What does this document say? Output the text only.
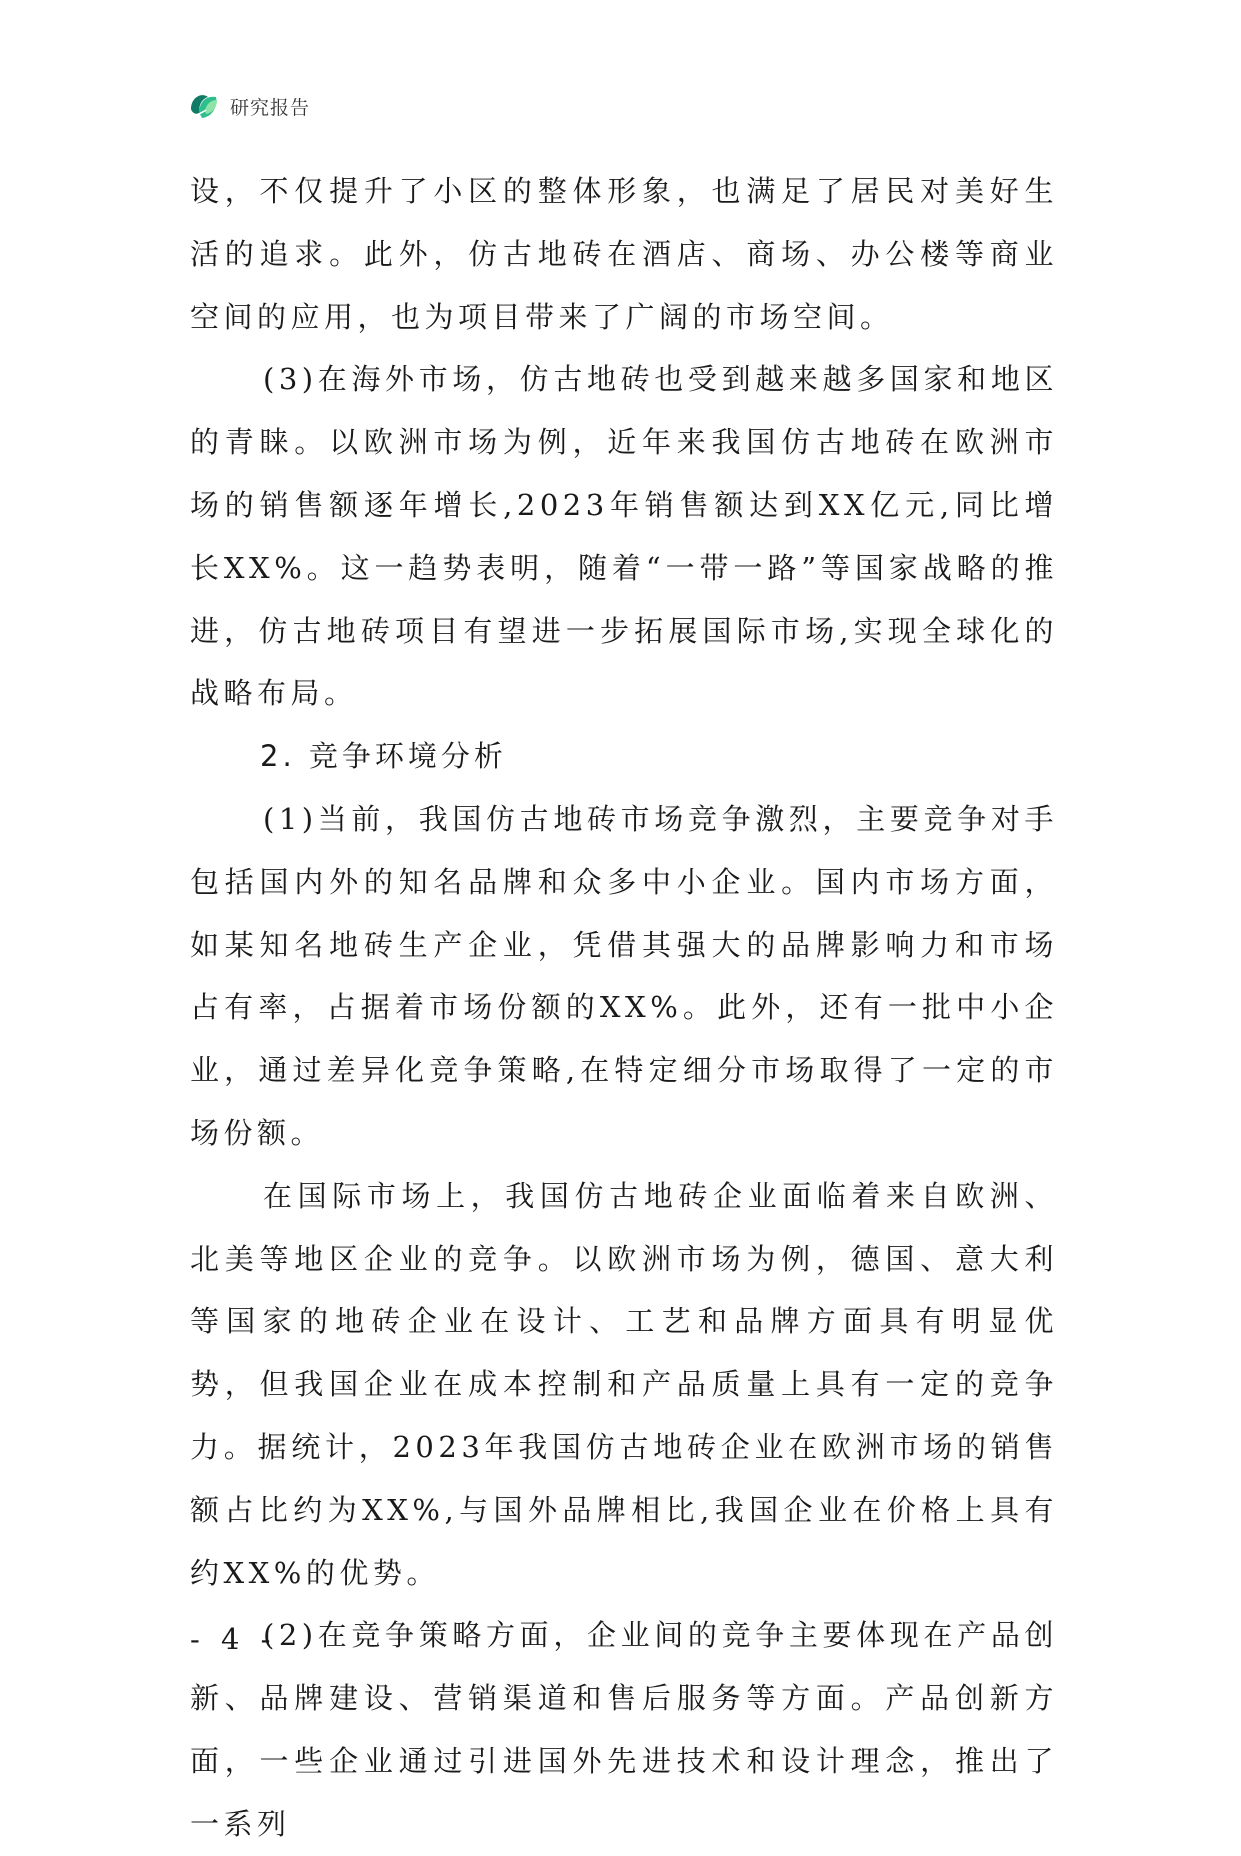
研究报告

设，不仅提升了小区的整体形象，也满足了居民对美好生活的追求。此外，仿古地砖在酒店、商场、办公楼等商业空间的应用，也为项目带来了广阔的市场空间。

(3)在海外市场，仿古地砖也受到越来越多国家和地区的青睐。以欧洲市场为例，近年来我国仿古地砖在欧洲市场的销售额逐年增长,2023年销售额达到XX亿元,同比增长XX%。这一趋势表明，随着“一带一路”等国家战略的推进，仿古地砖项目有望进一步拓展国际市场,实现全球化的战略布局。

2. 竞争环境分析

(1)当前，我国仿古地砖市场竞争激烈，主要竞争对手包括国内外的知名品牌和众多中小企业。国内市场方面，如某知名地砖生产企业，凭借其强大的品牌影响力和市场占有率，占据着市场份额的XX%。此外，还有一批中小企业，通过差异化竞争策略,在特定细分市场取得了一定的市场份额。

在国际市场上，我国仿古地砖企业面临着来自欧洲、北美等地区企业的竞争。以欧洲市场为例，德国、意大利等国家的地砖企业在设计、工艺和品牌方面具有明显优势，但我国企业在成本控制和产品质量上具有一定的竞争力。据统计，2023年我国仿古地砖企业在欧洲市场的销售额占比约为XX%,与国外品牌相比,我国企业在价格上具有约XX%的优势。

(2)在竞争策略方面，企业间的竞争主要体现在产品创新、品牌建设、营销渠道和售后服务等方面。产品创新方面，一些企业通过引进国外先进技术和设计理念，推出了一系列

- 4 -
